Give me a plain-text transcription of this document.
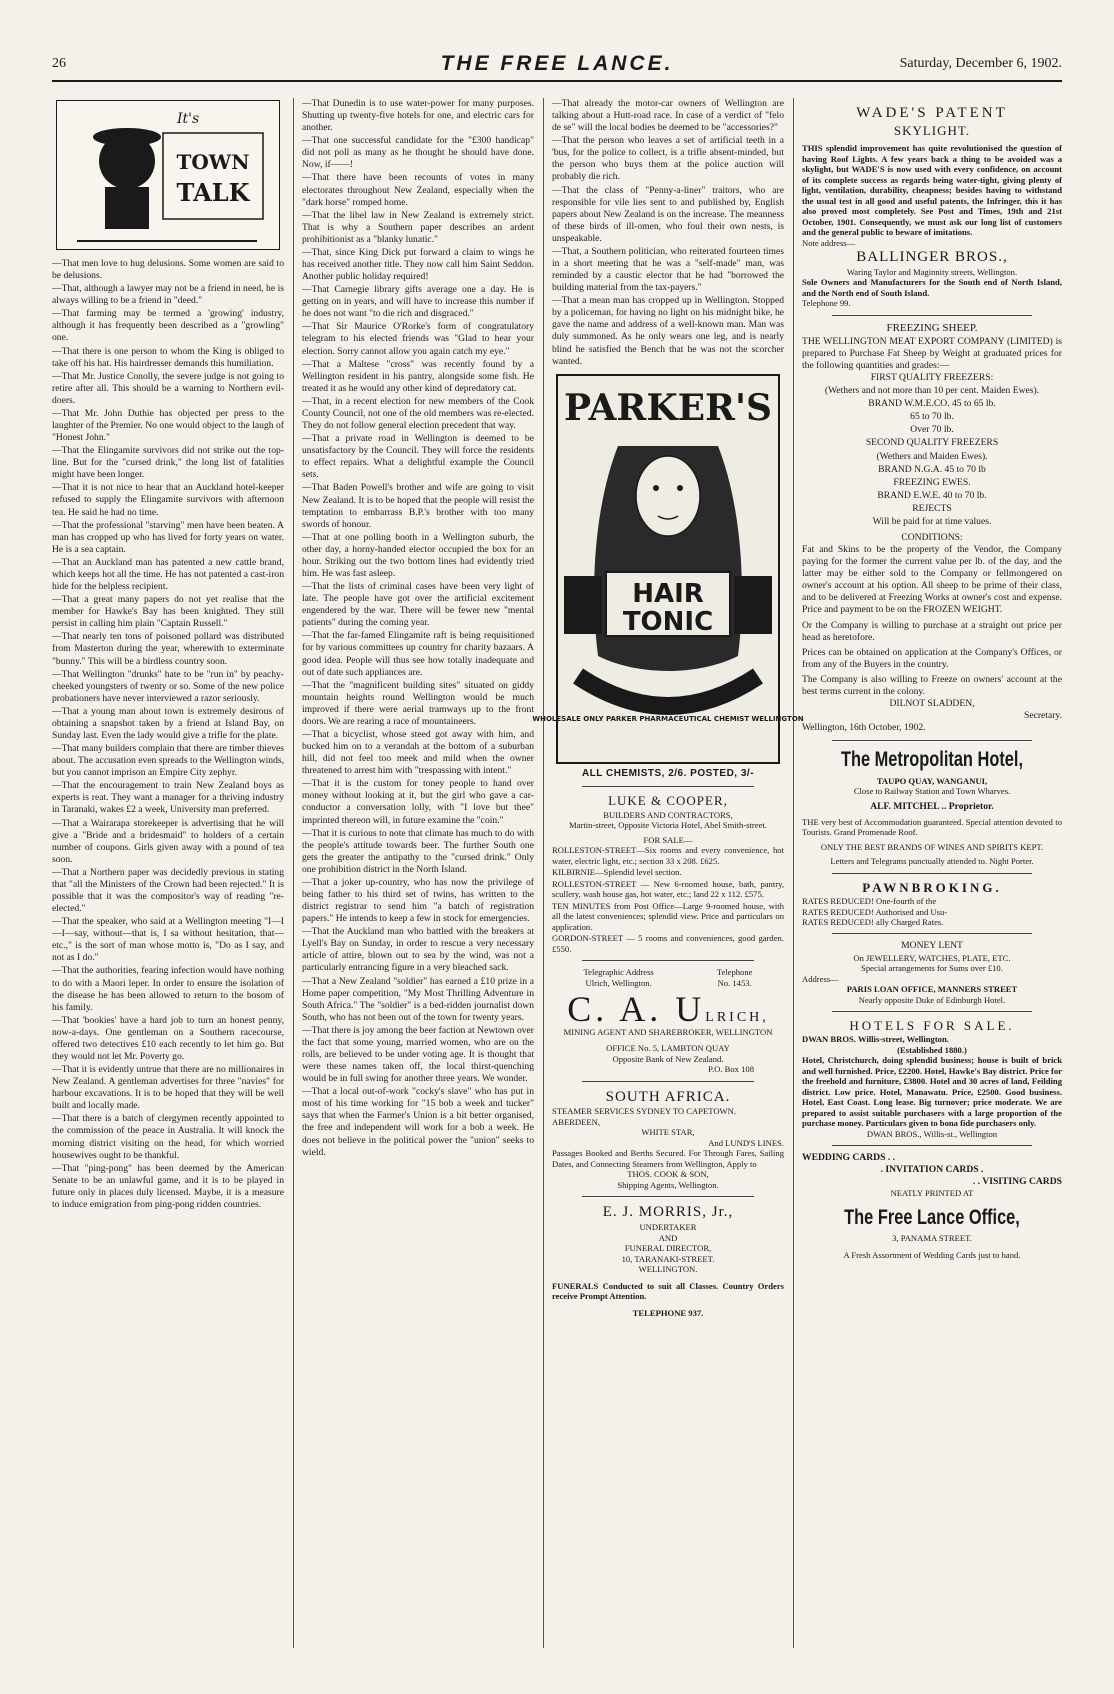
26	THE FREE LANCE.	Saturday, December 6, 1902.
TOWN
TALK
It's

—That men love to hug delusions. Some women are said to be delusions.

—That, although a lawyer may not be a friend in need, he is always willing to be a friend in "deed."

—That farming may be termed a 'growing' industry, although it has frequently been described as a "growling" one.

—That there is one person to whom the King is obliged to take off his hat. His hairdresser demands this humiliation.

—That Mr. Justice Conolly, the severe judge is not going to retire after all. This should be a warning to Northern evil-doers.

—That Mr. John Duthie has objected per press to the laughter of the Premier. No one would object to the laugh of "Honest John."

—That the Elingamite survivors did not strike out the top-line. But for the "cursed drink," the long list of fatalities might have been longer.

—That it is not nice to hear that an Auckland hotel-keeper refused to supply the Elingamite survivors with afternoon tea. He said he had no time.

—That the professional "starving" men have been beaten. A man has cropped up who has lived for forty years on water. He is a sea captain.

—That an Auckland man has patented a new cattle brand, which keeps hot all the time. He has not patented a cast-iron hide for the helpless recipient.

—That a great many papers do not yet realise that the member for Hawke's Bay has been knighted. They still persist in calling him plain "Captain Russell."

—That nearly ten tons of poisoned pollard was distributed from Masterton during the year, wherewith to exterminate "bunny." This will be a birdless country soon.

—That Wellington "drunks" hate to be "run in" by peachy-cheeked youngsters of twenty or so. Some of the new police probationers have never interviewed a razor seriously.

—That a young man about town is extremely desirous of obtaining a snapshot taken by a friend at Island Bay, on Sunday last. Even the lady would give a trifle for the plate.

—That many builders complain that there are timber thieves about. The accusation even spreads to the Wellington winds, but you cannot imprison an Empire City zephyr.

—That the encouragement to train New Zealand boys as experts is reat. They want a manager for a thriving industry in Taranaki, wakes £2 a week, University man preferred.

—That a Wairarapa storekeeper is advertising that he will give a "Bride and a bridesmaid" to holders of a certain number of coupons. Girls given away with a pound of tea soon.

—That a Northern paper was decidedly previous in stating that "all the Ministers of the Crown had been rejected." It is possible that it was the compositor's way of reading "re-elected."

—That the speaker, who said at a Wellington meeting "I—I—I—say, without—that is, I sa without hesitation, that—etc.," is the sort of man whose motto is, "Do as I say, and not as I do."

—That the authorities, fearing infection would have nothing to do with a Maori leper. In order to ensure the isolation of the disease he has been allowed to return to the bosom of his family.

—That 'bookies' have a hard job to turn an honest penny, now-a-days. One gentleman on a Southern racecourse, offered two detectives £10 each recently to let him go. But they would not let Mr. Poverty go.

—That it is evidently untrue that there are no millionaires in New Zealand. A gentleman advertises for three "navies" for harbour excavations. It is to be hoped that they will be well built and locally made.

—That there is a batch of clergymen recently appointed to the commission of the peace in Australia. It will knock the morning district visiting on the head, for which worried housewives ought to be thankful.

—That "ping-pong" has been deemed by the American Senate to be an unlawful game, and it is to be played in future only in places duly licensed. Maybe, it is a measure to induce emigration from ping-pong ridden countries.

—That Dunedin is to use water-power for many purposes. Shutting up twenty-five hotels for one, and electric cars for another.

—That one successful candidate for the "£300 handicap" did not poll as many as he thought he should have done. Now, if——!

—That there have been recounts of votes in many electorates throughout New Zealand, especially when the "dark horse" romped home.

—That the libel law in New Zealand is extremely strict. That is why a Southern paper describes an ardent prohibitionist as a "blanky lunatic."

—That, since King Dick put forward a claim to wings he has received another title. They now call him Saint Seddon. Another public holiday required!

—That Carnegie library gifts average one a day. He is getting on in years, and will have to increase this number if he does not want "to die rich and disgraced."

—That Sir Maurice O'Rorke's form of congratulatory telegram to his elected friends was "Glad to hear your election. Sorry cannot allow you again catch my eye."

—That a Maltese "cross" was recently found by a Wellington resident in his pantry, alongside some fish. He treated it as he would any other kind of depredatory cat.

—That, in a recent election for new members of the Cook County Council, not one of the old members was re-elected. They do not follow general election precedent that way.

—That a private road in Wellington is deemed to be unsatisfactory by the Council. They will force the residents to effect repairs. What a delightful example the Council sets.

—That Baden Powell's brother and wife are going to visit New Zealand. It is to be hoped that the people will resist the temptation to embarrass B.P.'s brother with too many swords of honour.

—That at one polling booth in a Wellington suburb, the other day, a horny-handed elector occupied the box for an hour. Striking out the two bottom lines had evidently tried him. He was fast asleep.

—That the lists of criminal cases have been very light of late. The people have got over the artificial excitement engendered by the war. There will be fewer new "mental patients" during the coming year.

—That the far-famed Elingamite raft is being requisitioned for by various committees up country for charity bazaars. A good idea. People will thus see how totally inadequate and out of date such appliances are.

—That the "magnificent building sites" situated on giddy mountain heights round Wellington would be much improved if there were aerial tramways up to the front doors. We are rearing a race of mountaineers.

—That a bicyclist, whose steed got away with him, and bucked him on to a verandah at the bottom of a suburban hill, did not feel too meek and mild when the owner threatened to arrest him with "trespassing with intent."

—That it is the custom for toney people to hand over money without looking at it, but the girl who gave a car-conductor a conversation lolly, with "I love but thee" imprinted thereon will, in future examine the "coin."

—That it is curious to note that climate has much to do with the people's attitude towards beer. The further South one gets the greater the antipathy to the "cursed drink." Only one prohibition district in the North Island.

—That a joker up-country, who has now the privilege of being father to his third set of twins, has written to the district registrar to send him "a batch of registration papers." He intends to keep a few in stock for emergencies.

—That the Auckland man who battled with the breakers at Lyell's Bay on Sunday, in order to rescue a very necessary article of attire, blown out to sea by the wind, was not a particularly entrancing figure in a very bleached sack.

—That a New Zealand "soldier" has earned a £10 prize in a Home paper competition, "My Most Thrilling Adventure in South Africa." The "soldier" is a bed-ridden journalist down South, who has not been out of the town for twenty years.

—That there is joy among the beer faction at Newtown over the fact that some young, married women, who are on the rolls, are believed to be under voting age. It is thought that were these names taken off, the local thirst-quenching would be in full swing for another three years. We wonder.

—That a local out-of-work "cocky's slave" who has put in most of his time working for "15 bob a week and tucker" says that when the Farmer's Union is a bit better organised, the free and independent will work for a bob a week. He does not believe in the political power the "union" seeks to wield.

—That already the motor-car owners of Wellington are talking about a Hutt-road race. In case of a verdict of "felo de se" will the local bodies be deemed to be "accessories?"

—That the person who leaves a set of artificial teeth in a 'bus, for the police to collect, is a trifle absent-minded, but the person who buys them at the police auction will probably die rich.

—That the class of "Penny-a-liner" traitors, who are responsible for vile lies sent to and published by, English papers about New Zealand is on the increase. The meanness of these birds of ill-omen, who foul their own nests, is unspeakable.

—That, a Southern politician, who reiterated fourteen times in a short meeting that he was a "self-made" man, was reminded by a caustic elector that he had "borrowed the building material from the tax-payers."

—That a mean man has cropped up in Wellington. Stopped by a policeman, for having no light on his midnight bike, he gave the name and address of a well-known man. Man was duly summoned. As he only wears one leg, and is nearly blind he satisfied the Bench that he was not the scorcher wanted.

PARKER'S
HAIR
TONIC
WHOLESALE ONLY PARKER PHARMACEUTICAL CHEMIST WELLINGTON
ALL CHEMISTS, 2/6. POSTED, 3/-
LUKE & COOPER,
BUILDERS AND CONTRACTORS,
Martin-street, Opposite Victoria Hotel, Abel Smith-street.
FOR SALE—

ROLLESTON-STREET—Six rooms and every convenience, hot water, electric light, etc.; section 33 x 208. £625.

KILBIRNIE—Splendid level section.

ROLLESTON-STREET — New 6-roomed house, bath, pantry, scullery, wash house gas, hot water, etc.; land 22 x 112. £575.

TEN MINUTES from Post Office—Large 9-roomed house, with all the latest conveniences; splendid view. Price and particulars on application.

GORDON-STREET — 5 rooms and conveniences, good garden. £550.

Telegraphic Address
Ulrich, Wellington.
Telephone
No. 1453.
C. A. ULRICH,
MINING AGENT AND SHAREBROKER, WELLINGTON
OFFICE No. 5, LAMBTON QUAY
Opposite Bank of New Zealand.
P.O. Box 108
SOUTH AFRICA.
STEAMER SERVICES SYDNEY TO CAPETOWN.
ABERDEEN,
WHITE STAR,
And LUND'S LINES.
Passages Booked and Berths Secured. For Through Fares, Sailing Dates, and Connecting Steamers from Wellington, Apply to
THOS. COOK & SON,
Shipping Agents, Wellington.
E. J. MORRIS, Jr.,
UNDERTAKER
AND
FUNERAL DIRECTOR,
10, TARANAKI-STREET.
WELLINGTON.
FUNERALS Conducted to suit all Classes. Country Orders receive Prompt Attention.
TELEPHONE 937.
WADE'S PATENT
SKYLIGHT.
THIS splendid improvement has quite revolutionised the question of having Roof Lights. A few years back a thing to be avoided was a skylight, but WADE'S is now used with every confidence, on account of its complete success as regards being water-tight, giving plenty of light, ventilation, durability, cheapness; besides having to withstand the usual test in all good and useful patents, the Infringer, this it has also proved most completely. See Post and Times, 19th and 21st October, 1901. Consequently, we must ask our long list of customers and the general public to beware of imitations.
Note address—
BALLINGER BROS.,
Waring Taylor and Maginnity streets, Wellington.
Sole Owners and Manufacturers for the South end of North Island, and the North end of South Island.
Telephone 99.
FREEZING SHEEP.
THE WELLINGTON MEAT EXPORT COMPANY (LIMITED) is prepared to Purchase Fat Sheep by Weight at graduated prices for the following quantities and grades:—

FIRST QUALITY FREEZERS:

(Wethers and not more than 10 per cent. Maiden Ewes).

BRAND W.M.E.CO. 45 to 65 lb.

65 to 70 lb.

Over 70 lb.

SECOND QUALITY FREEZERS

(Wethers and Maiden Ewes).

BRAND N.G.A. 45 to 70 lb

FREEZING EWES.

BRAND E.W.E. 40 to 70 lb.

REJECTS

Will be paid for at time values.

CONDITIONS:
Fat and Skins to be the property of the Vendor, the Company paying for the former the current value per lb. of the day, and the latter may be either sold to the Company or fellmongered on owner's account at his option. All sheep to be prime of their class, and to be delivered at Freezing Works at owner's cost and expense. Price and payment to be on the FROZEN WEIGHT.
Or the Company is willing to purchase at a straight out price per head as heretofore.
Prices can be obtained on application at the Company's Offices, or from any of the Buyers in the country.
The Company is also willing to Freeze on owners' account at the best terms current in the colony.
DILNOT SLADDEN,
Secretary.
Wellington, 16th October, 1902.
The Metropolitan Hotel,
TAUPO QUAY, WANGANUI,
Close to Railway Station and Town Wharves.
ALF. MITCHEL .. Proprietor.
THE very best of Accommodation guaranteed. Special attention devoted to Tourists. Grand Promenade Roof.
ONLY THE BEST BRANDS OF WINES AND SPIRITS KEPT.
Letters and Telegrams punctually attended to. Night Porter.
PAWNBROKING.
RATES REDUCED! One-fourth of the
RATES REDUCED! Authorised and Usu-
RATES REDUCED! ally Charged Rates.
MONEY LENT
On JEWELLERY, WATCHES, PLATE, ETC.
Special arrangements for Sums over £10.
Address—
PARIS LOAN OFFICE, MANNERS STREET
Nearly opposite Duke of Edinburgh Hotel.
HOTELS FOR SALE.
DWAN BROS. Willis-street, Wellington.
(Established 1880.)
Hotel, Christchurch, doing splendid business; house is built of brick and well furnished. Price, £2200. Hotel, Hawke's Bay district. Price for the freehold and furniture, £3800. Hotel and 30 acres of land, Feilding district. Low price. Hotel, Manawatu. Price, £2500. Good business. Hotel, East Coast. Long lease. Big turnover; price moderate. We are prepared to assist suitable purchasers with a large proportion of the purchase money. Particulars given to bona fide purchasers only.
DWAN BROS., Willis-st., Wellington
WEDDING CARDS . .
. INVITATION CARDS .
. . VISITING CARDS
NEATLY PRINTED AT
The Free Lance Office,
3, PANAMA STREET.
A Fresh Assortment of Wedding Cards just to hand.
